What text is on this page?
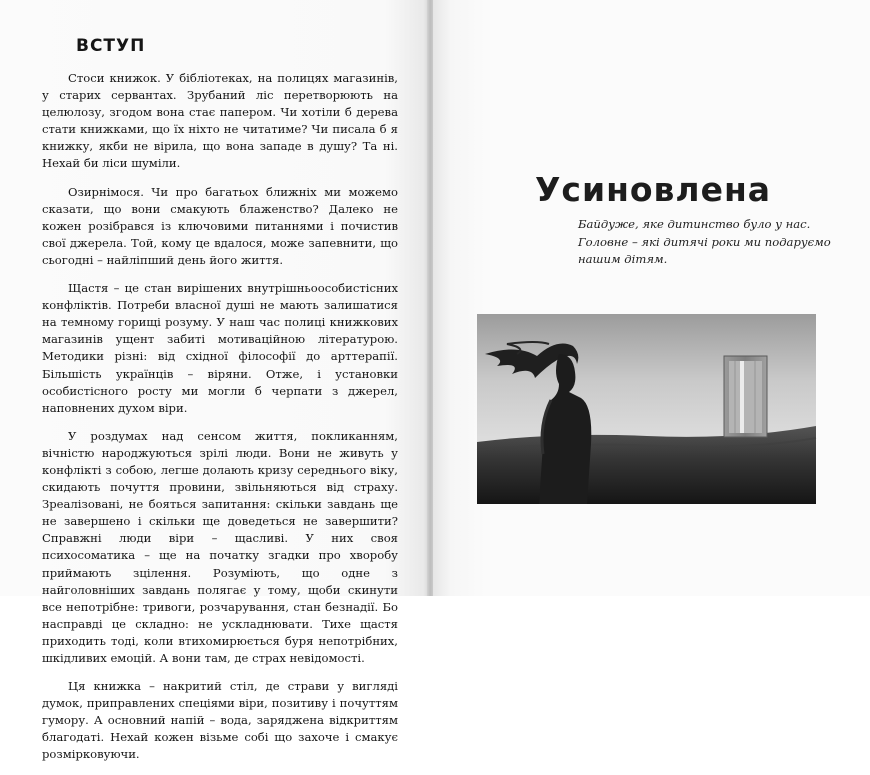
ВСТУП

Стоси книжок. У бібліотеках, на полицях магазинів, у старих сервантах. Зрубаний ліс перетворюють на целюлозу, згодом вона стає папером. Чи хотіли б дерева стати книжками, що їх ніхто не читатиме? Чи писала б я книжку, якби не вірила, що вона западе в душу? Та ні. Нехай би ліси шуміли.

Озирнімося. Чи про багатьох ближніх ми можемо сказати, що вони смакують блаженство? Далеко не кожен розібрався із ключовими питаннями і почистив свої джерела. Той, кому це вдалося, може запевнити, що сьогодні – найліпший день його життя.

Щастя – це стан вирішених внутрішньоособистісних конфліктів. Потреби власної душі не мають залишатися на темному горищі розуму. У наш час полиці книжкових магазинів ущент забиті мотиваційною літературою. Методики різні: від східної філософії до арттерапії. Більшість українців – віряни. Отже, і установки особистісного росту ми могли б черпати з джерел, наповнених духом віри.

У роздумах над сенсом життя, покликанням, вічністю народжуються зрілі люди. Вони не живуть у конфлікті з собою, легше долають кризу середнього віку, скидають почуття провини, звільняються від страху. Зреалізовані, не бояться запитання: скільки завдань ще не завершено і скільки ще доведеться не завершити? Справжні люди віри – щасливі. У них своя психосоматика – ще на початку згадки про хворобу приймають зцілення. Розуміють, що одне з найголовніших завдань полягає у тому, щоби скинути все непотрібне: тривоги, розчарування, стан безнадії. Бо насправді це складно: не ускладнювати. Тихе щастя приходить тоді, коли втихомирюється буря непотрібних, шкідливих емоцій. А вони там, де страх невідомості.

Ця книжка – накритий стіл, де страви у вигляді думок, приправлених спеціями віри, позитиву і почуттям гумору. А основний напій – вода, заряджена відкриттям благодаті. Нехай кожен візьме собі що захоче і смакує розмірковуючи.

Усиновлена
Байдуже, яке дитинство було у нас.
Головне – які дитячі роки ми подаруємо
нашим дітям.
